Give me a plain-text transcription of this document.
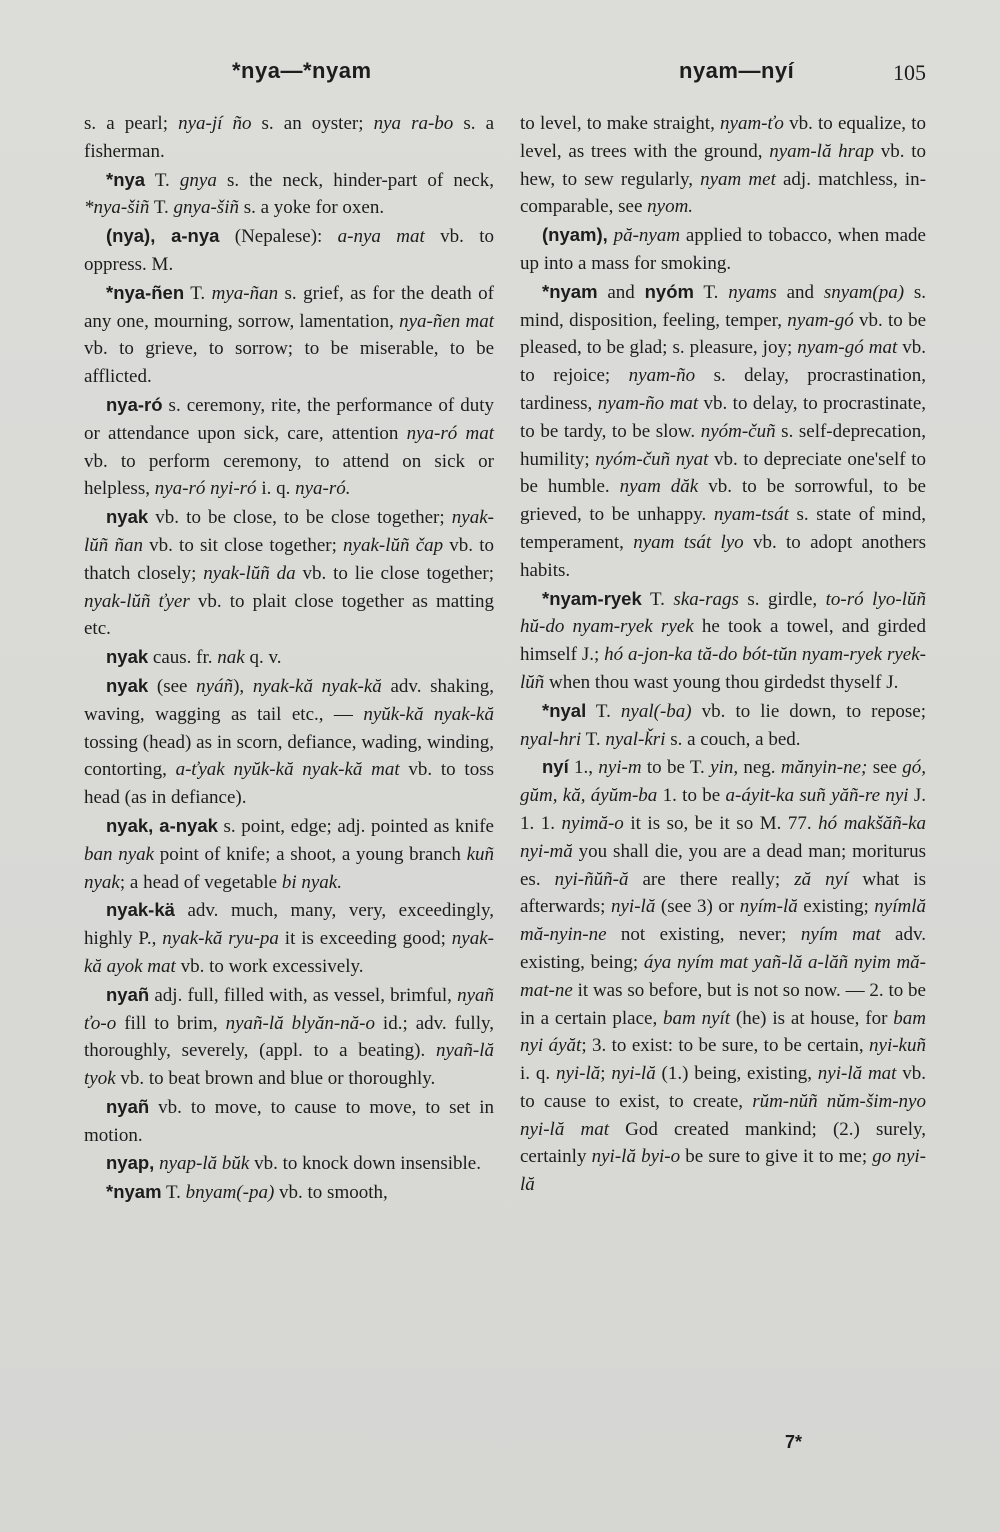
*nya—*nyam	nyam—nyí	105

s. a pearl; nya-jí ño s. an oyster; nya ra-bo s. a fisherman.

*nya T. gnya s. the neck, hinder-part of neck, *nya-šiñ T. gnya-šiñ s. a yoke for oxen.

(nya), a-nya (Nepalese): a-nya mat vb. to oppress. M.

*nya-ñen T. mya-ñan s. grief, as for the death of any one, mourning, sorrow, lamentation, nya-ñen mat vb. to grieve, to sorrow; to be miserable, to be afflicted.

nya-ró s. ceremony, rite, the performance of duty or attendance upon sick, care, attention nya-ró mat vb. to perform ceremony, to attend on sick or helpless, nya-ró nyi-ró i. q. nya-ró.

nyak vb. to be close, to be close together; nyak-lŭñ ñan vb. to sit close together; nyak-lŭñ čap vb. to thatch closely; nyak-lŭñ da vb. to lie close together; nyak-lŭñ ťyer vb. to plait close together as matting etc.

nyak caus. fr. nak q. v.

nyak (see nyáñ), nyak-kă nyak-kă adv. shaking, waving, wagging as tail etc., — nyŭk-kă nyak-kă tossing (head) as in scorn, defiance, wading, winding, contorting, a-ťyak nyŭk-kă nyak-kă mat vb. to toss head (as in defiance).

nyak, a-nyak s. point, edge; adj. pointed as knife ban nyak point of knife; a shoot, a young branch kuñ nyak; a head of vegetable bi nyak.

nyak-kä adv. much, many, very, exceedingly, highly P., nyak-kă ryu-pa it is exceeding good; nyak-kă ayok mat vb. to work excessively.

nyañ adj. full, filled with, as vessel, brimful, nyañ ťo-o fill to brim, nyañ-lă blyăn-nă-o id.; adv. fully, thoroughly, severely, (appl. to a beating). nyañ-lă tyok vb. to beat brown and blue or thoroughly.

nyañ vb. to move, to cause to move, to set in motion.

nyap, nyap-lă bŭk vb. to knock down insensible.

*nyam T. bnyam(-pa) vb. to smooth,

to level, to make straight, nyam-ťo vb. to equalize, to level, as trees with the ground, nyam-lă hrap vb. to hew, to sew regularly, nyam met adj. matchless, incomparable, see nyom.

(nyam), pă-nyam applied to tobacco, when made up into a mass for smoking.

*nyam and nyóm T. nyams and snyam(pa) s. mind, disposition, feeling, temper, nyam-gó vb. to be pleased, to be glad; s. pleasure, joy; nyam-gó mat vb. to rejoice; nyam-ño s. delay, procrastination, tardiness, nyam-ño mat vb. to delay, to procrastinate, to be tardy, to be slow. nyóm-čuñ s. self-deprecation, humility; nyóm-čuñ nyat vb. to depreciate one'self to be humble. nyam dăk vb. to be sorrowful, to be grieved, to be unhappy. nyam-tsát s. state of mind, temperament, nyam tsát lyo vb. to adopt anothers habits.

*nyam-ryek T. ska-rags s. girdle, to-ró lyo-lŭñ hŭ-do nyam-ryek ryek he took a towel, and girded himself J.; hó a-jon-ka tă-do bót-tŭn nyam-ryek ryek-lŭñ when thou wast young thou girdedst thyself J.

*nyal T. nyal(-ba) vb. to lie down, to repose; nyal-hri T. nyal-ǩri s. a couch, a bed.

nyí 1., nyi-m to be T. yin, neg. mănyin-ne; see gó, gŭm, kă, áyŭm-ba 1. to be a-áyit-ka suñ yăñ-re nyi J. 1. 1. nyimă-o it is so, be it so M. 77. hó makšăñ-ka nyi-mă you shall die, you are a dead man; moriturus es. nyi-ñŭñ-ă are there really; ză nyí what is afterwards; nyi-lă (see 3) or nyím-lă existing; nyímlă mă-nyin-ne not existing, never; nyím mat adv. existing, being; áya nyím mat yañ-lă a-lăñ nyim mă-mat-ne it was so before, but is not so now. — 2. to be in a certain place, bam nyít (he) is at house, for bam nyi áyăt; 3. to exist: to be sure, to be certain, nyi-kuñ i. q. nyi-lă; nyi-lă (1.) being, existing, nyi-lă mat vb. to cause to exist, to create, rŭm-nŭñ nŭm-šim-nyo nyi-lă mat God created mankind; (2.) surely, certainly nyi-lă byi-o be sure to give it to me; go nyi-lă

7*
